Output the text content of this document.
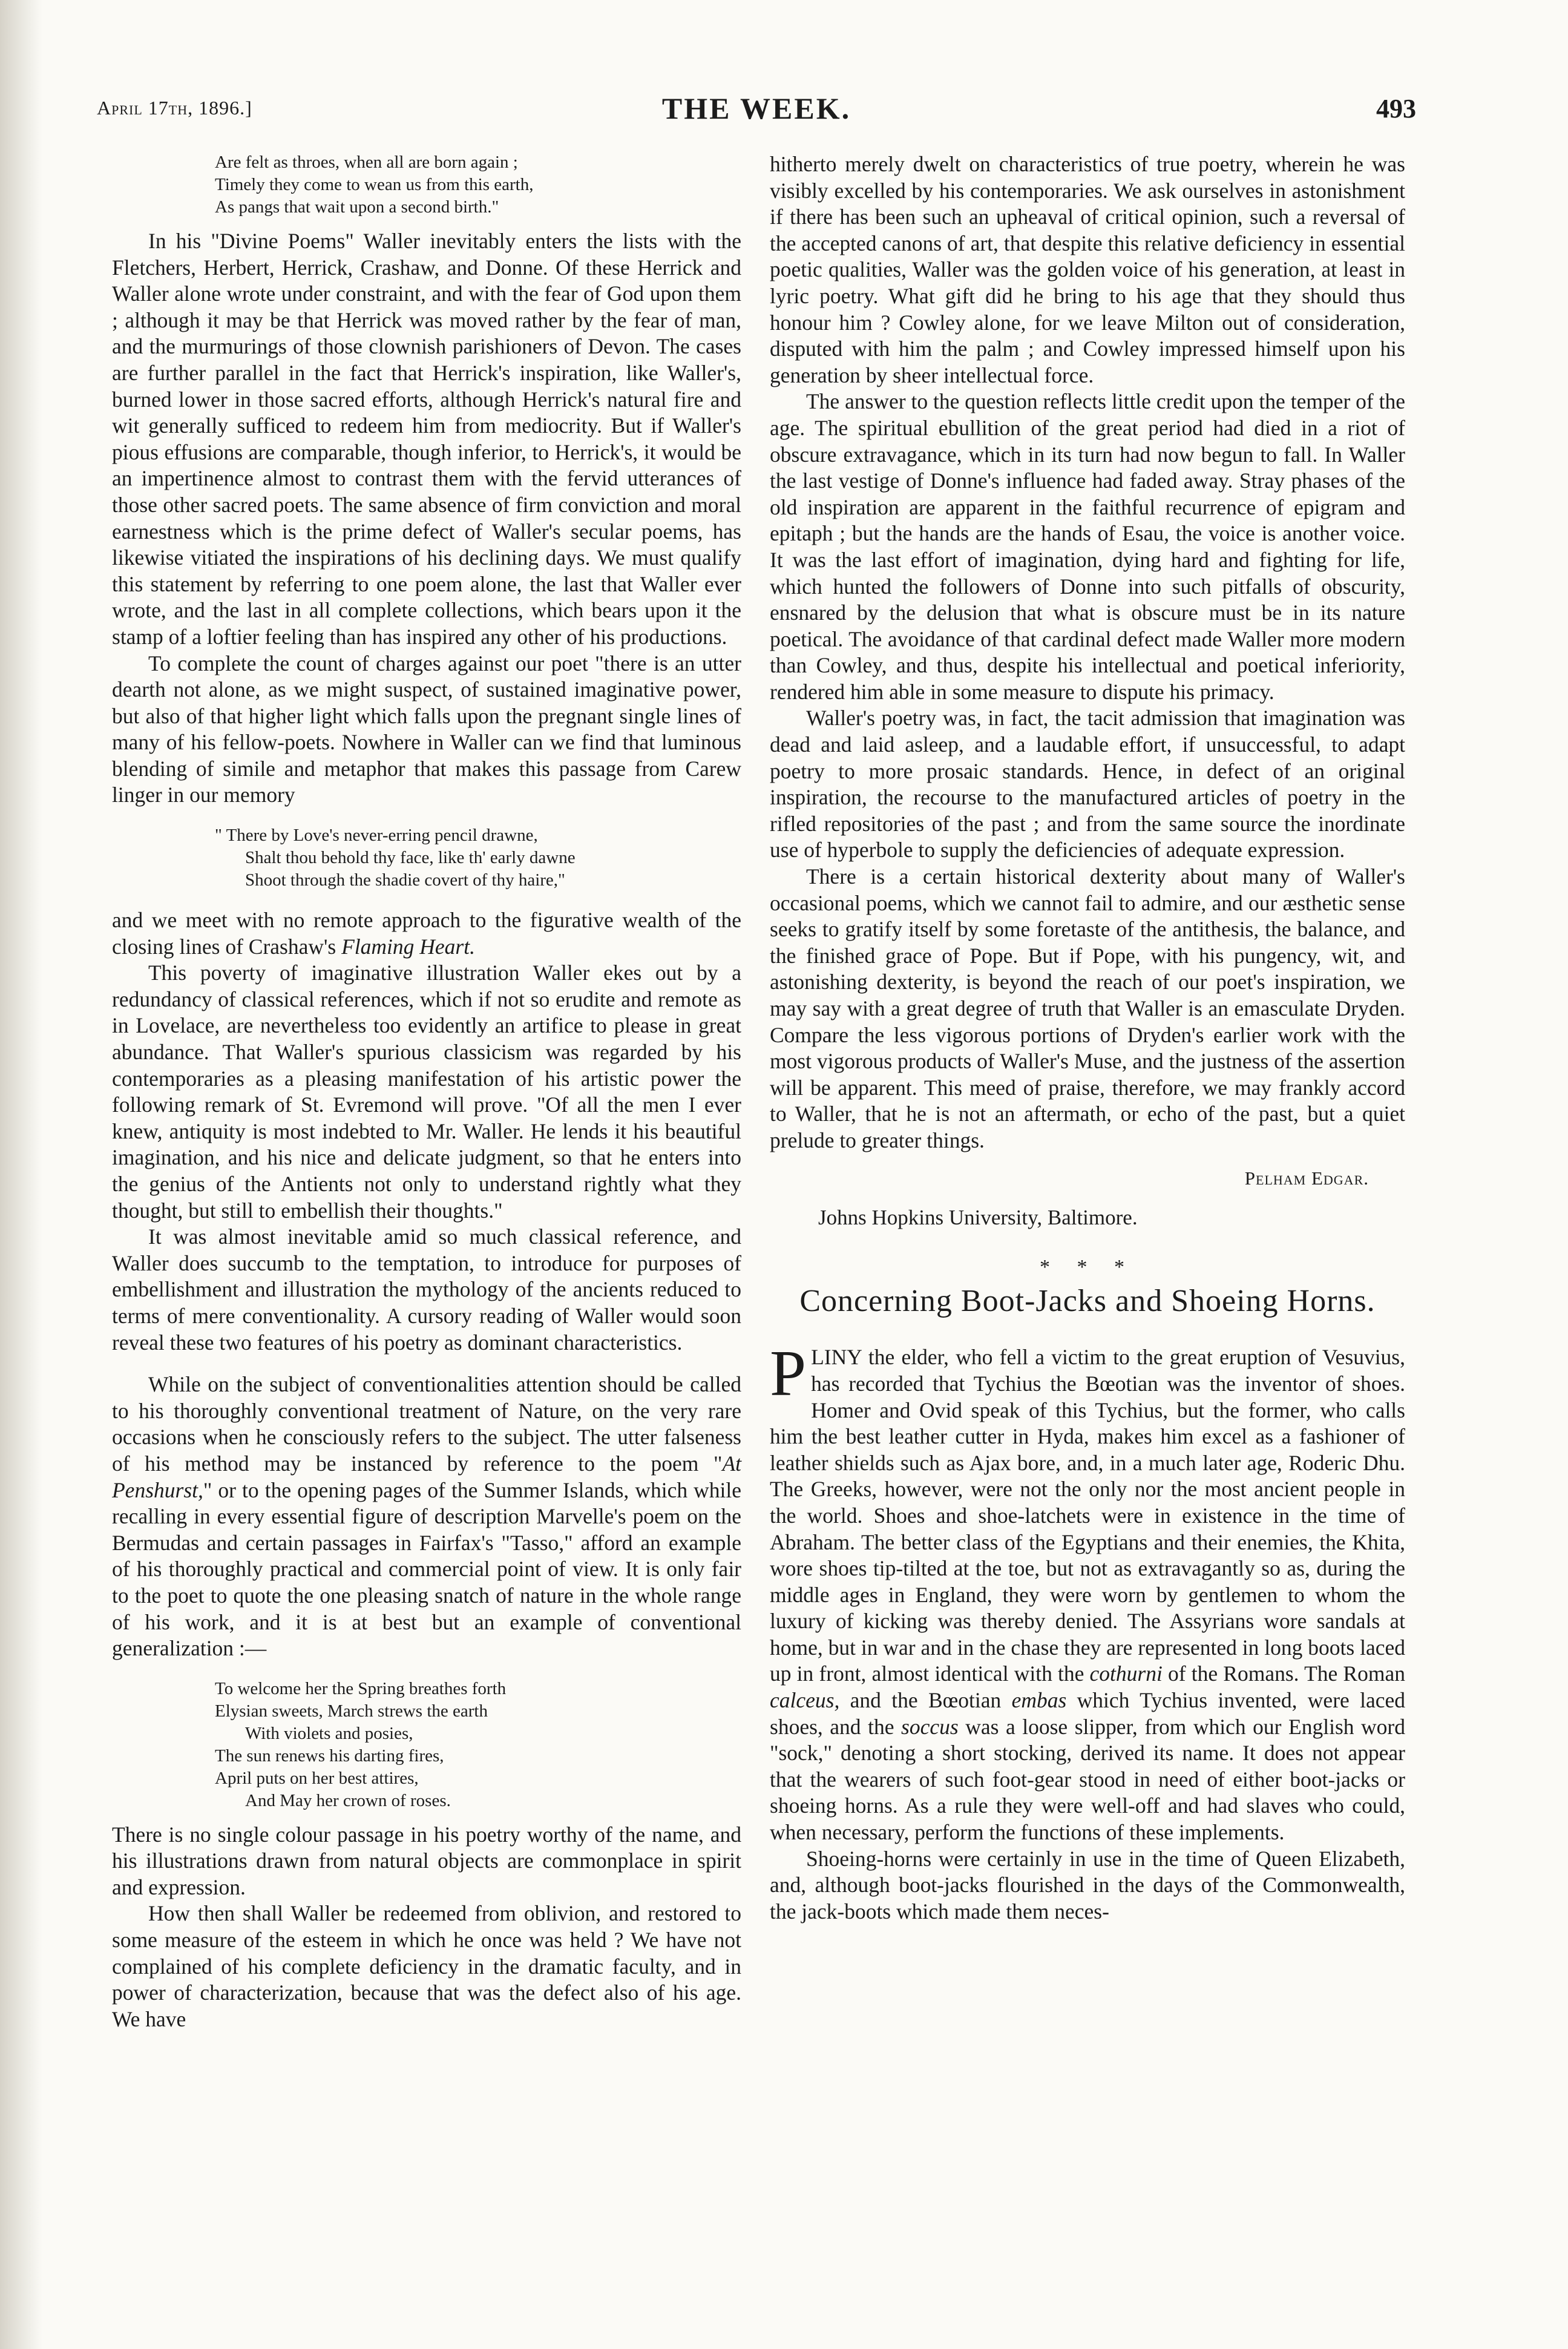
April 17th, 1896.]	THE WEEK.	493
Are felt as throes, when all are born again ;
Timely they come to wean us from this earth,
As pangs that wait upon a second birth."

In his "Divine Poems" Waller inevitably enters the lists with the Fletchers, Herbert, Herrick, Crashaw, and Donne. Of these Herrick and Waller alone wrote under constraint, and with the fear of God upon them ; although it may be that Herrick was moved rather by the fear of man, and the murmurings of those clownish parishioners of Devon. The cases are further parallel in the fact that Herrick's inspiration, like Waller's, burned lower in those sacred efforts, although Herrick's natural fire and wit generally sufficed to redeem him from mediocrity. But if Waller's pious effusions are comparable, though inferior, to Herrick's, it would be an impertinence almost to contrast them with the fervid utterances of those other sacred poets. The same absence of firm conviction and moral earnestness which is the prime defect of Waller's secular poems, has likewise vitiated the inspirations of his declining days. We must qualify this statement by referring to one poem alone, the last that Waller ever wrote, and the last in all complete collections, which bears upon it the stamp of a loftier feeling than has inspired any other of his productions.

To complete the count of charges against our poet "there is an utter dearth not alone, as we might suspect, of sustained imaginative power, but also of that higher light which falls upon the pregnant single lines of many of his fellow-poets. Nowhere in Waller can we find that luminous blending of simile and metaphor that makes this passage from Carew linger in our memory

" There by Love's never-erring pencil drawne,
Shalt thou behold thy face, like th' early dawne
Shoot through the shadie covert of thy haire,"

and we meet with no remote approach to the figurative wealth of the closing lines of Crashaw's Flaming Heart.

This poverty of imaginative illustration Waller ekes out by a redundancy of classical references, which if not so erudite and remote as in Lovelace, are nevertheless too evidently an artifice to please in great abundance. That Waller's spurious classicism was regarded by his contemporaries as a pleasing manifestation of his artistic power the following remark of St. Evremond will prove. "Of all the men I ever knew, antiquity is most indebted to Mr. Waller. He lends it his beautiful imagination, and his nice and delicate judgment, so that he enters into the genius of the Antients not only to understand rightly what they thought, but still to embellish their thoughts."

It was almost inevitable amid so much classical reference, and Waller does succumb to the temptation, to introduce for purposes of embellishment and illustration the mythology of the ancients reduced to terms of mere conventionality. A cursory reading of Waller would soon reveal these two features of his poetry as dominant characteristics.

While on the subject of conventionalities attention should be called to his thoroughly conventional treatment of Nature, on the very rare occasions when he consciously refers to the subject. The utter falseness of his method may be instanced by reference to the poem "At Penshurst," or to the opening pages of the Summer Islands, which while recalling in every essential figure of description Marvelle's poem on the Bermudas and certain passages in Fairfax's "Tasso," afford an example of his thoroughly practical and commercial point of view. It is only fair to the poet to quote the one pleasing snatch of nature in the whole range of his work, and it is at best but an example of conventional generalization :—

To welcome her the Spring breathes forth
Elysian sweets, March strews the earth
With violets and posies,
The sun renews his darting fires,
April puts on her best attires,
And May her crown of roses.

There is no single colour passage in his poetry worthy of the name, and his illustrations drawn from natural objects are commonplace in spirit and expression.

How then shall Waller be redeemed from oblivion, and restored to some measure of the esteem in which he once was held ? We have not complained of his complete deficiency in the dramatic faculty, and in power of characterization, because that was the defect also of his age. We have

hitherto merely dwelt on characteristics of true poetry, wherein he was visibly excelled by his contemporaries. We ask ourselves in astonishment if there has been such an upheaval of critical opinion, such a reversal of the accepted canons of art, that despite this relative deficiency in essential poetic qualities, Waller was the golden voice of his generation, at least in lyric poetry. What gift did he bring to his age that they should thus honour him ? Cowley alone, for we leave Milton out of consideration, disputed with him the palm ; and Cowley impressed himself upon his generation by sheer intellectual force.

The answer to the question reflects little credit upon the temper of the age. The spiritual ebullition of the great period had died in a riot of obscure extravagance, which in its turn had now begun to fall. In Waller the last vestige of Donne's influence had faded away. Stray phases of the old inspiration are apparent in the faithful recurrence of epigram and epitaph ; but the hands are the hands of Esau, the voice is another voice. It was the last effort of imagination, dying hard and fighting for life, which hunted the followers of Donne into such pitfalls of obscurity, ensnared by the delusion that what is obscure must be in its nature poetical. The avoidance of that cardinal defect made Waller more modern than Cowley, and thus, despite his intellectual and poetical inferiority, rendered him able in some measure to dispute his primacy.

Waller's poetry was, in fact, the tacit admission that imagination was dead and laid asleep, and a laudable effort, if unsuccessful, to adapt poetry to more prosaic standards. Hence, in defect of an original inspiration, the recourse to the manufactured articles of poetry in the rifled repositories of the past ; and from the same source the inordinate use of hyperbole to supply the deficiencies of adequate expression.

There is a certain historical dexterity about many of Waller's occasional poems, which we cannot fail to admire, and our æsthetic sense seeks to gratify itself by some foretaste of the antithesis, the balance, and the finished grace of Pope. But if Pope, with his pungency, wit, and astonishing dexterity, is beyond the reach of our poet's inspiration, we may say with a great degree of truth that Waller is an emasculate Dryden. Compare the less vigorous portions of Dryden's earlier work with the most vigorous products of Waller's Muse, and the justness of the assertion will be apparent. This meed of praise, therefore, we may frankly accord to Waller, that he is not an aftermath, or echo of the past, but a quiet prelude to greater things.

Pelham Edgar.
Johns Hopkins University, Baltimore.
* * *
Concerning Boot-Jacks and Shoeing Horns.

PLINY the elder, who fell a victim to the great eruption of Vesuvius, has recorded that Tychius the Bœotian was the inventor of shoes. Homer and Ovid speak of this Tychius, but the former, who calls him the best leather cutter in Hyda, makes him excel as a fashioner of leather shields such as Ajax bore, and, in a much later age, Roderic Dhu. The Greeks, however, were not the only nor the most ancient people in the world. Shoes and shoe-latchets were in existence in the time of Abraham. The better class of the Egyptians and their enemies, the Khita, wore shoes tip-tilted at the toe, but not as extravagantly so as, during the middle ages in England, they were worn by gentlemen to whom the luxury of kicking was thereby denied. The Assyrians wore sandals at home, but in war and in the chase they are represented in long boots laced up in front, almost identical with the cothurni of the Romans. The Roman calceus, and the Bœotian embas which Tychius invented, were laced shoes, and the soccus was a loose slipper, from which our English word "sock," denoting a short stocking, derived its name. It does not appear that the wearers of such foot-gear stood in need of either boot-jacks or shoeing horns. As a rule they were well-off and had slaves who could, when necessary, perform the functions of these implements.

Shoeing-horns were certainly in use in the time of Queen Elizabeth, and, although boot-jacks flourished in the days of the Commonwealth, the jack-boots which made them neces-
